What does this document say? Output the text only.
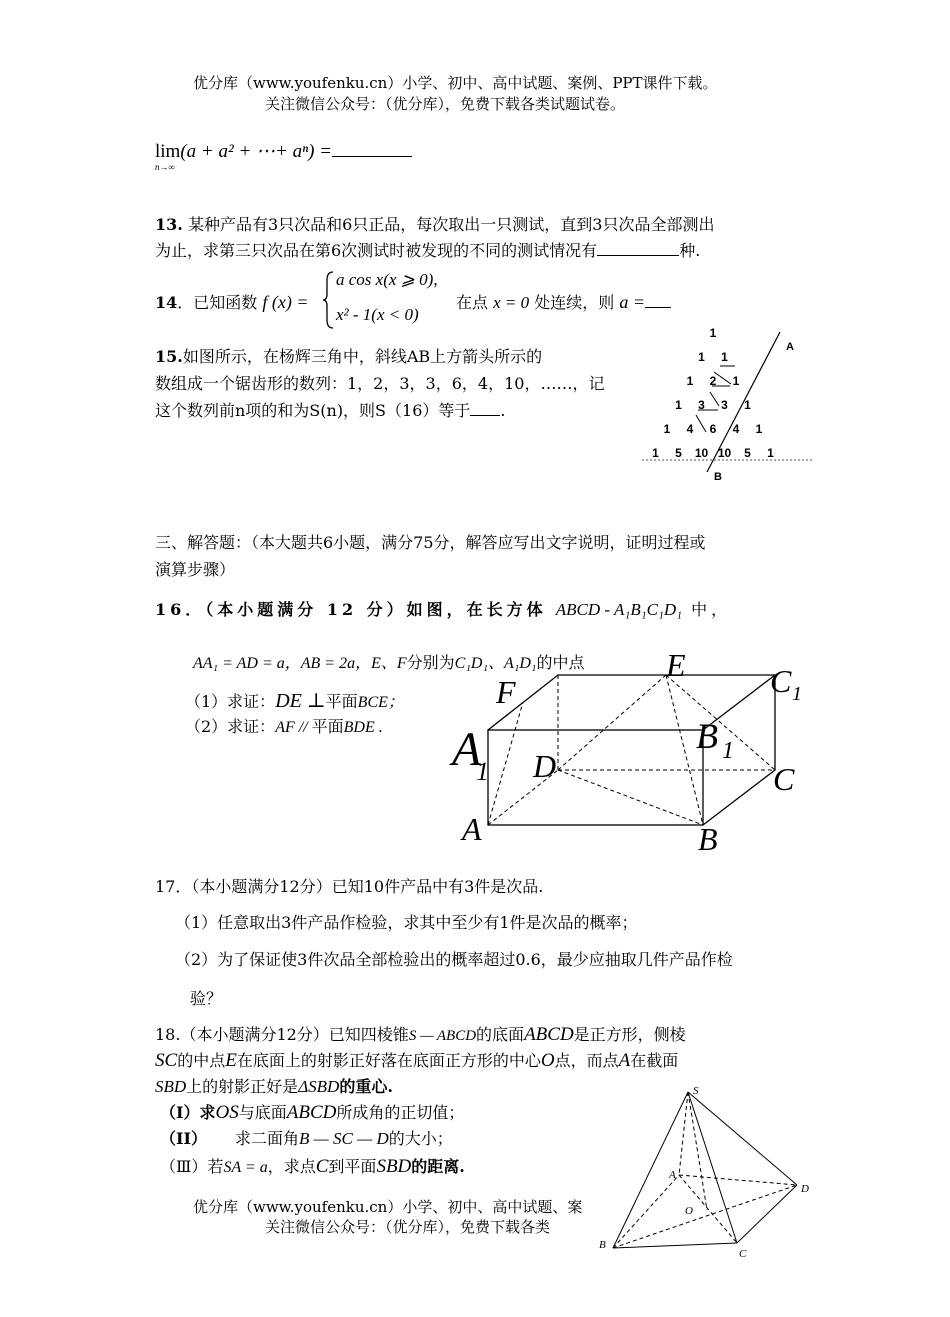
优分库（www.youfenku.cn）小学、初中、高中试题、案例、PPT课件下载。
关注微信公众号：（优分库），免费下载各类试题试卷。
lim(a + a² + ⋯+ aⁿ) =
n→∞
13. 某种产品有3只次品和6只正品，每次取出一只测试，直到3只次品全部测出
为止，求第三只次品在第6次测试时被发现的不同的测试情况有	种.
14．已知函数 f (x) =
a cos x(x ⩾ 0),
x² - 1(x < 0)
在点 x = 0 处连续，则 a =
15.如图所示，在杨辉三角中，斜线AB上方箭头所示的
数组成一个锯齿形的数列：1，2，3，3，6，4，10，……，记
这个数列前n项的和为S(n)，则S（16）等于 .
1
1 1
1 2 1
1 3 3 1
1 4 6 4 1
1 5 10 10 5 1
A
B
三、解答题：（本大题共6小题，满分75分，解答应写出文字说明，证明过程或
演算步骤）
16．（本小题满分 12 分）如图，在长方体 ABCD - A₁B₁C₁D₁ 中，
AA₁ = AD = a，AB = 2a，E、F分别为C₁D₁、A₁D₁的中点
（1）求证：DE ⊥平面BCE；
（2）求证：AF // 平面BDE .
A	B
C
D
A
1
B 1
C 1
E
F
17．（本小题满分12分）已知10件产品中有3件是次品.
（1）任意取出3件产品作检验，求其中至少有1件是次品的概率；
（2）为了保证使3件次品全部检验出的概率超过0.6，最少应抽取几件产品作检
验？
18.（本小题满分12分）已知四棱锥S — ABCD的底面ABCD是正方形，侧棱
SC的中点E在底面上的射影正好落在底面正方形的中心O点，而点A在截面
SBD上的射影正好是ΔSBD的重心.
（I）求OS与底面ABCD所成角的正切值；
（II） 求二面角B — SC — D的大小；
（Ⅲ）若SA = a，求点C到平面SBD的距离.
优分库（www.youfenku.cn）小学、初中、高中试题、案
关注微信公众号：（优分库），免费下载各类
S
A
B
C
D
O
